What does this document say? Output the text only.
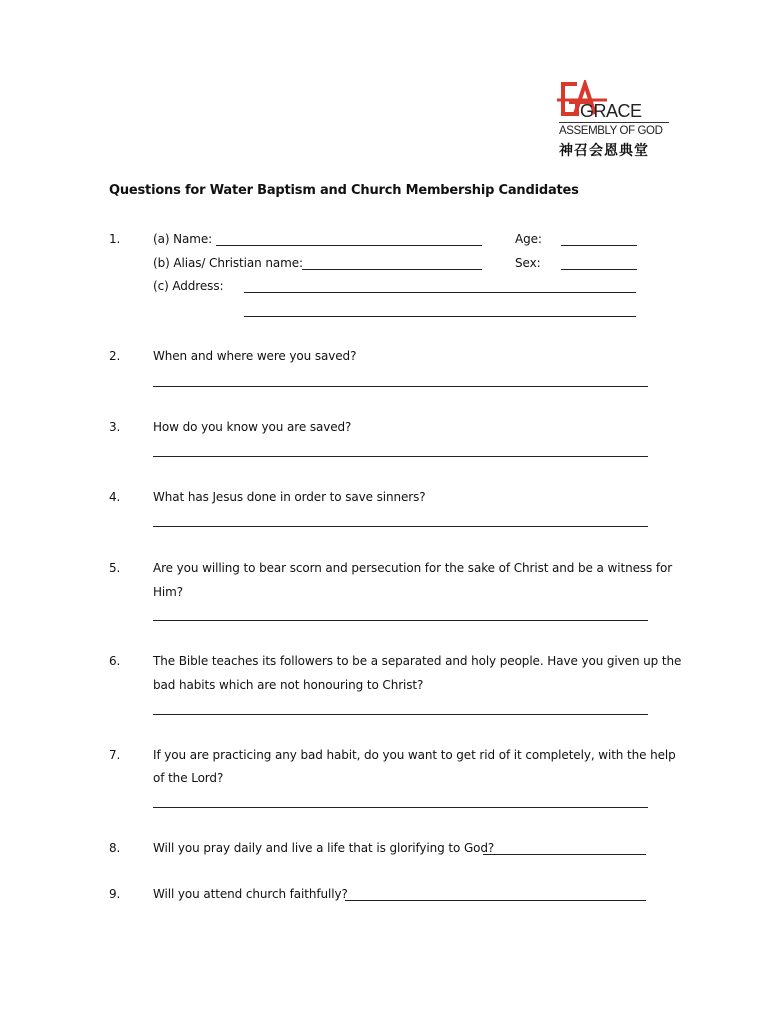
GRACE
ASSEMBLY OF GOD
神召会恩典堂
Questions for Water Baptism and Church Membership Candidates
1.	(a) Name:	Age:
(b) Alias/ Christian name:	Sex:
(c) Address:
2.	When and where were you saved?
3.	How do you know you are saved?
4.	What has Jesus done in order to save sinners?
5.	Are you willing to bear scorn and persecution for the sake of Christ and be a witness for
Him?
6.	The Bible teaches its followers to be a separated and holy people. Have you given up the
bad habits which are not honouring to Christ?
7.	If you are practicing any bad habit, do you want to get rid of it completely, with the help
of the Lord?
8.	Will you pray daily and live a life that is glorifying to God?
9.	Will you attend church faithfully?
